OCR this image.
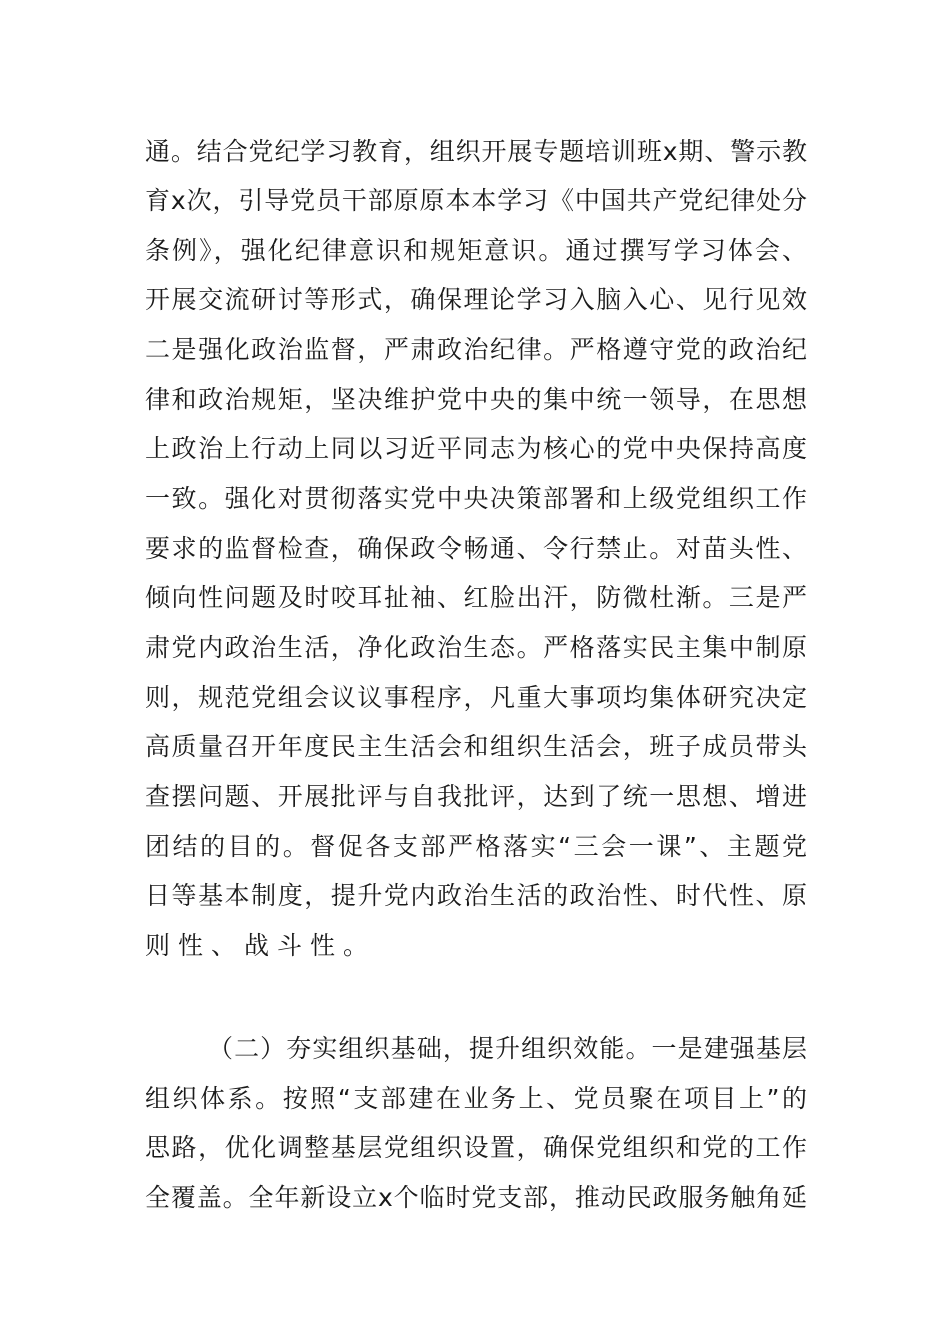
通。结合党纪学习教育，组织开展专题培训班x期、警示教
育x次，引导党员干部原原本本学习《中国共产党纪律处分
条例》，强化纪律意识和规矩意识。通过撰写学习体会、
开展交流研讨等形式，确保理论学习入脑入心、见行见效
二是强化政治监督，严肃政治纪律。严格遵守党的政治纪
律和政治规矩，坚决维护党中央的集中统一领导，在思想
上政治上行动上同以习近平同志为核心的党中央保持高度
一致。强化对贯彻落实党中央决策部署和上级党组织工作
要求的监督检查，确保政令畅通、令行禁止。对苗头性、
倾向性问题及时咬耳扯袖、红脸出汗，防微杜渐。三是严
肃党内政治生活，净化政治生态。严格落实民主集中制原
则，规范党组会议议事程序，凡重大事项均集体研究决定
高质量召开年度民主生活会和组织生活会，班子成员带头
查摆问题、开展批评与自我批评，达到了统一思想、增进
团结的目的。督促各支部严格落实“三会一课”、主题党
日等基本制度，提升党内政治生活的政治性、时代性、原
则性、战斗性。
（二）夯实组织基础，提升组织效能。一是建强基层
组织体系。按照“支部建在业务上、党员聚在项目上”的
思路，优化调整基层党组织设置，确保党组织和党的工作
全覆盖。全年新设立x个临时党支部，推动民政服务触角延
